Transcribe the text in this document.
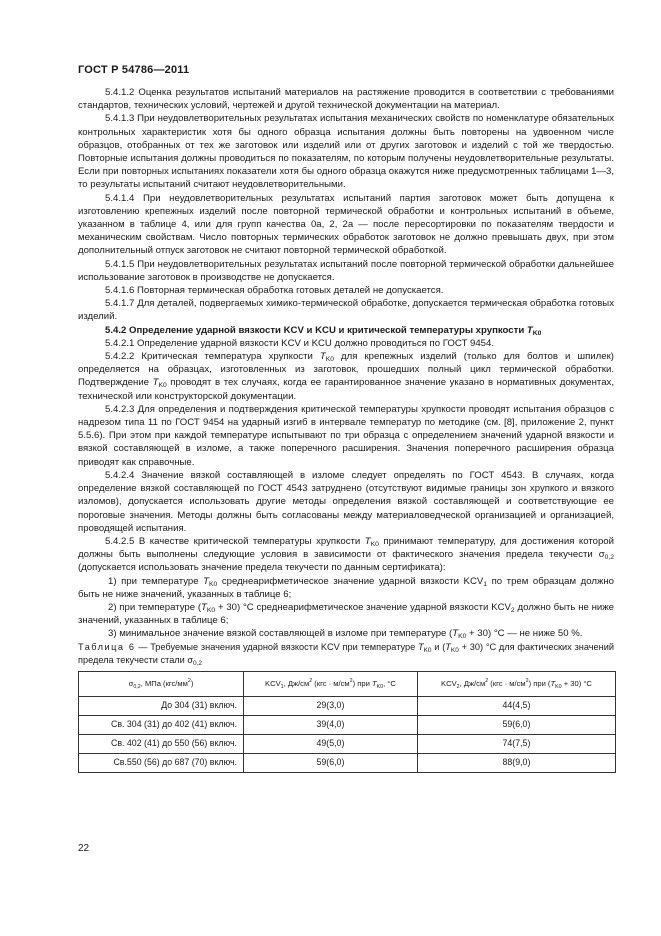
ГОСТ Р 54786—2011

5.4.1.2 Оценка результатов испытаний материалов на растяжение проводится в соответствии с требованиями стандартов, технических условий, чертежей и другой технической документации на материал.

5.4.1.3 При неудовлетворительных результатах испытания механических свойств по номенклатуре обязательных контрольных характеристик хотя бы одного образца испытания должны быть повторены на удвоенном числе образцов, отобранных от тех же заготовок или изделий или от других заготовок и изделий с той же твердостью. Повторные испытания должны проводиться по показателям, по которым получены неудовлетворительные результаты. Если при повторных испытаниях показатели хотя бы одного образца окажутся ниже предусмотренных таблицами 1—3, то результаты испытаний считают неудовлетворительными.

5.4.1.4 При неудовлетворительных результатах испытаний партия заготовок может быть допущена к изготовлению крепежных изделий после повторной термической обработки и контрольных испытаний в объеме, указанном в таблице 4, или для групп качества 0а, 2, 2а — после пересортировки по показателям твердости и механическим свойствам. Число повторных термических обработок заготовок не должно превышать двух, при этом дополнительный отпуск заготовок не считают повторной термической обработкой.

5.4.1.5 При неудовлетворительных результатах испытаний после повторной термической обработки дальнейшее использование заготовок в производстве не допускается.

5.4.1.6 Повторная термическая обработка готовых деталей не допускается.

5.4.1.7 Для деталей, подвергаемых химико-термической обработке, допускается термическая обработка готовых изделий.

5.4.2 Определение ударной вязкости KCV и KCU и критической температуры хрупкости $T_{K0}$

5.4.2.1 Определение ударной вязкости KCV и KCU должно проводиться по ГОСТ 9454.

5.4.2.2 Критическая температура хрупкости $T_{K0}$ для крепежных изделий (только для болтов и шпилек) определяется на образцах, изготовленных из заготовок, прошедших полный цикл термической обработки. Подтверждение $T_{K0}$ проводят в тех случаях, когда ее гарантированное значение указано в нормативных документах, технической или конструкторской документации.

5.4.2.3 Для определения и подтверждения критической температуры хрупкости проводят испытания образцов с надрезом типа 11 по ГОСТ 9454 на ударный изгиб в интервале температур по методике (см. [8], приложение 2, пункт 5.5.6). При этом при каждой температуре испытывают по три образца с определением значений ударной вязкости и вязкой составляющей в изломе, а также поперечного расширения. Значения поперечного расширения образца приводят как справочные.

5.4.2.4 Значение вязкой составляющей в изломе следует определять по ГОСТ 4543. В случаях, когда определение вязкой составляющей по ГОСТ 4543 затруднено (отсутствуют видимые границы зон хрупкого и вязкого изломов), допускается использовать другие методы определения вязкой составляющей и соответствующие ее пороговые значения. Методы должны быть согласованы между материаловедческой организацией и организацией, проводящей испытания.

5.4.2.5 В качестве критической температуры хрупкости $T_{K0}$ принимают температуру, для достижения которой должны быть выполнены следующие условия в зависимости от фактического значения предела текучести $\sigma_{0,2}$ (допускается использовать значение предела текучести по данным сертификата):

1) при температуре $T_{K0}$ среднеарифметическое значение ударной вязкости $KCV_1$ по трем образцам должно быть не ниже значений, указанных в таблице 6;

2) при температуре $(T_{K0} + 30)$ °C среднеарифметическое значение ударной вязкости $KCV_2$ должно быть не ниже значений, указанных в таблице 6;

3) минимальное значение вязкой составляющей в изломе при температуре $(T_{K0} + 30)$ °C — не ниже 50 %.

Таблица 6 — Требуемые значения ударной вязкости KCV при температуре $T_{K0}$ и $(T_{K0} + 30)$ °С для фактических значений предела текучести стали $\sigma_{0,2}$

$\sigma_{0,2}$, МПа $(кгс/мм^2)$	$KCV_1$, $Дж/см^2$ $(кгс \cdot м/см^2)$ при $T_{K0}$, °С	$KCV_2$, $Дж/см^2$ $(кгс \cdot м/см^2)$ при $(T_{K0} + 30)$ °С
До 304 (31) включ.	29(3,0)	44(4,5)
Св. 304 (31) до 402 (41) включ.	39(4,0)	59(6,0)
Св. 402 (41) до 550 (56) включ.	49(5,0)	74(7,5)
Св.550 (56) до 687 (70) включ.	59(6,0)	88(9,0)
22
